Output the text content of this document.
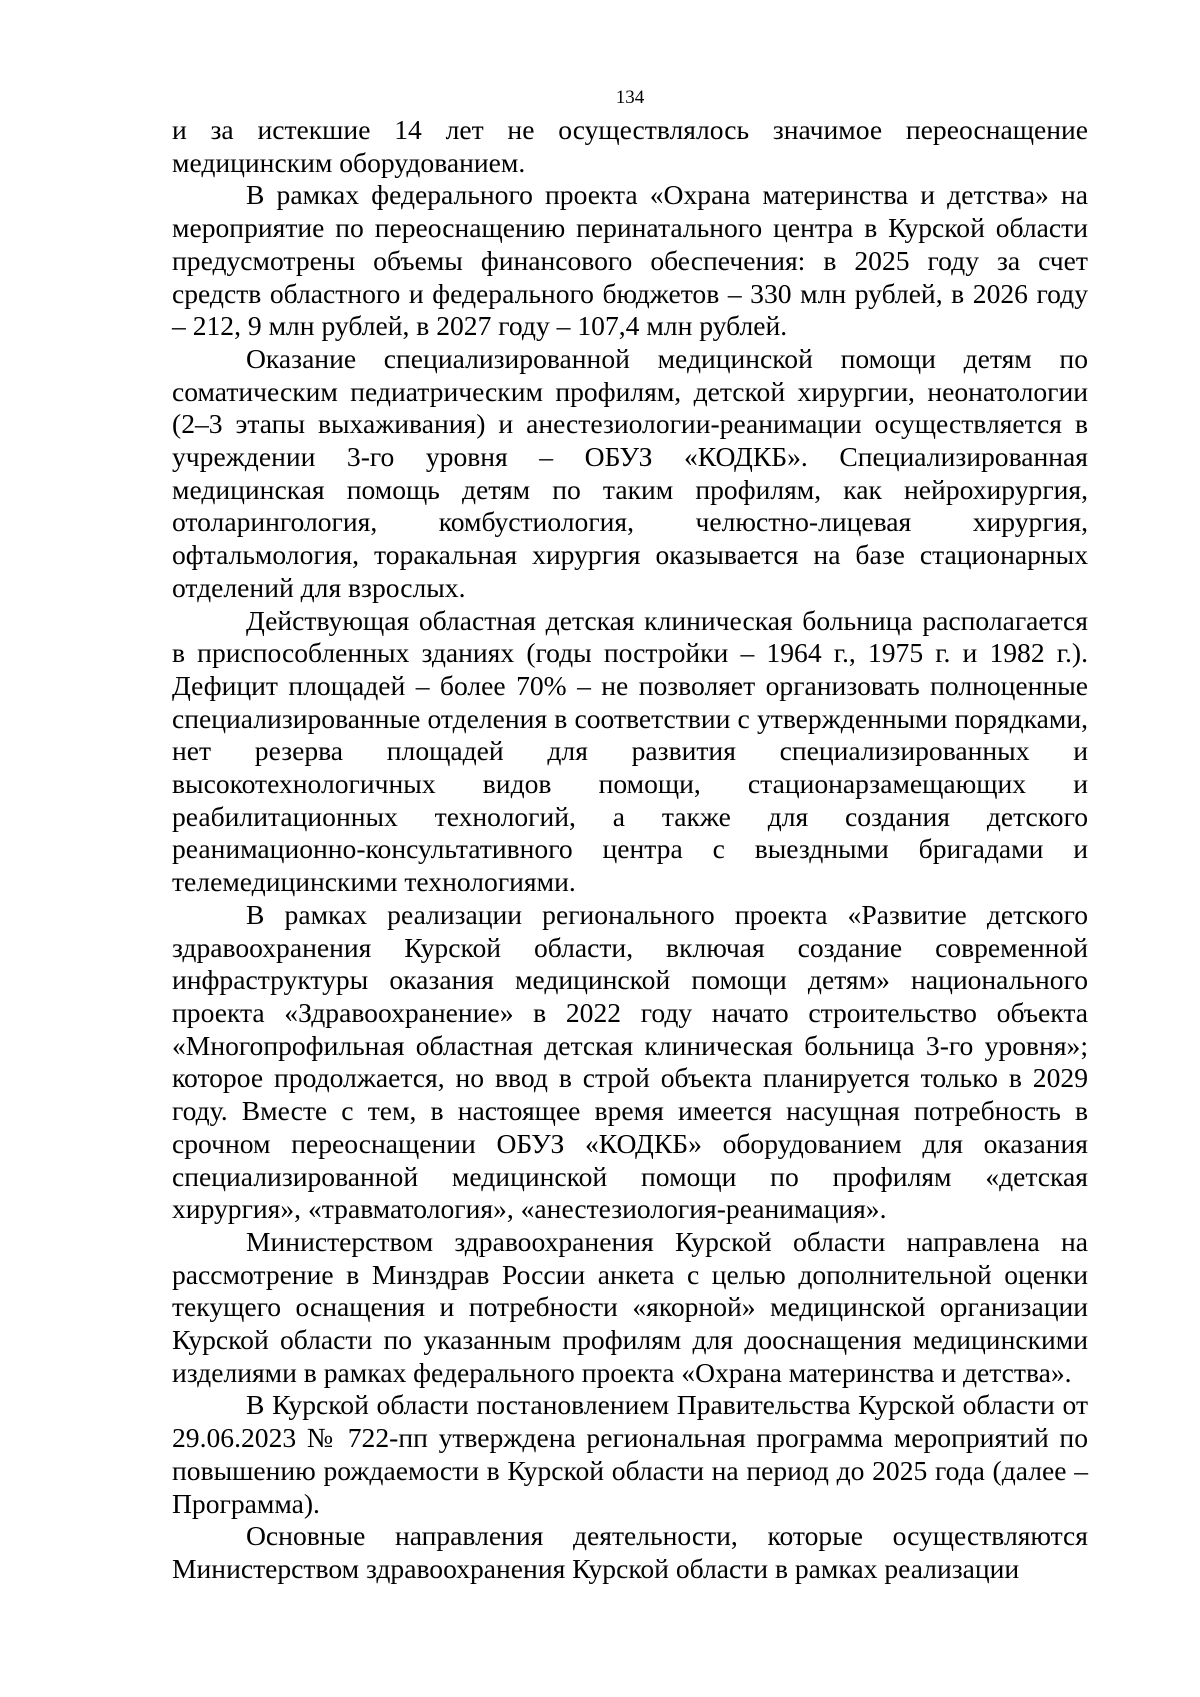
134

и за истекшие 14 лет не осуществлялось значимое переоснащение медицинским оборудованием.

В рамках федерального проекта «Охрана материнства и детства» на мероприятие по переоснащению перинатального центра в Курской области предусмотрены объемы финансового обеспечения: в 2025 году за счет средств областного и федерального бюджетов – 330 млн рублей, в 2026 году – 212, 9 млн рублей, в 2027 году – 107,4 млн рублей.

Оказание специализированной медицинской помощи детям по соматическим педиатрическим профилям, детской хирургии, неонатологии (2–3 этапы выхаживания) и анестезиологии-реанимации осуществляется в учреждении 3-го уровня – ОБУЗ «КОДКБ». Специализированная медицинская помощь детям по таким профилям, как нейрохирургия, отоларингология, комбустиология, челюстно-лицевая хирургия, офтальмология, торакальная хирургия оказывается на базе стационарных отделений для взрослых.

Действующая областная детская клиническая больница располагается в приспособленных зданиях (годы постройки – 1964 г., 1975 г. и 1982 г.). Дефицит площадей – более 70% – не позволяет организовать полноценные специализированные отделения в соответствии с утвержденными порядками, нет резерва площадей для развития специализированных и высокотехнологичных видов помощи, стационарзамещающих и реабилитационных технологий, а также для создания детского реанимационно-консультативного центра с выездными бригадами и телемедицинскими технологиями.

В рамках реализации регионального проекта «Развитие детского здравоохранения Курской области, включая создание современной инфраструктуры оказания медицинской помощи детям» национального проекта «Здравоохранение» в 2022 году начато строительство объекта «Многопрофильная областная детская клиническая больница 3-го уровня»; которое продолжается, но ввод в строй объекта планируется только в 2029 году. Вместе с тем, в настоящее время имеется насущная потребность в срочном переоснащении ОБУЗ «КОДКБ» оборудованием для оказания специализированной медицинской помощи по профилям «детская хирургия», «травматология», «анестезиология-реанимация».

Министерством здравоохранения Курской области направлена на рассмотрение в Минздрав России анкета с целью дополнительной оценки текущего оснащения и потребности «якорной» медицинской организации Курской области по указанным профилям для дооснащения медицинскими изделиями в рамках федерального проекта «Охрана материнства и детства».

В Курской области постановлением Правительства Курской области от 29.06.2023 № 722-пп утверждена региональная программа мероприятий по повышению рождаемости в Курской области на период до 2025 года (далее – Программа).

Основные направления деятельности, которые осуществляются Министерством здравоохранения Курской области в рамках реализации
